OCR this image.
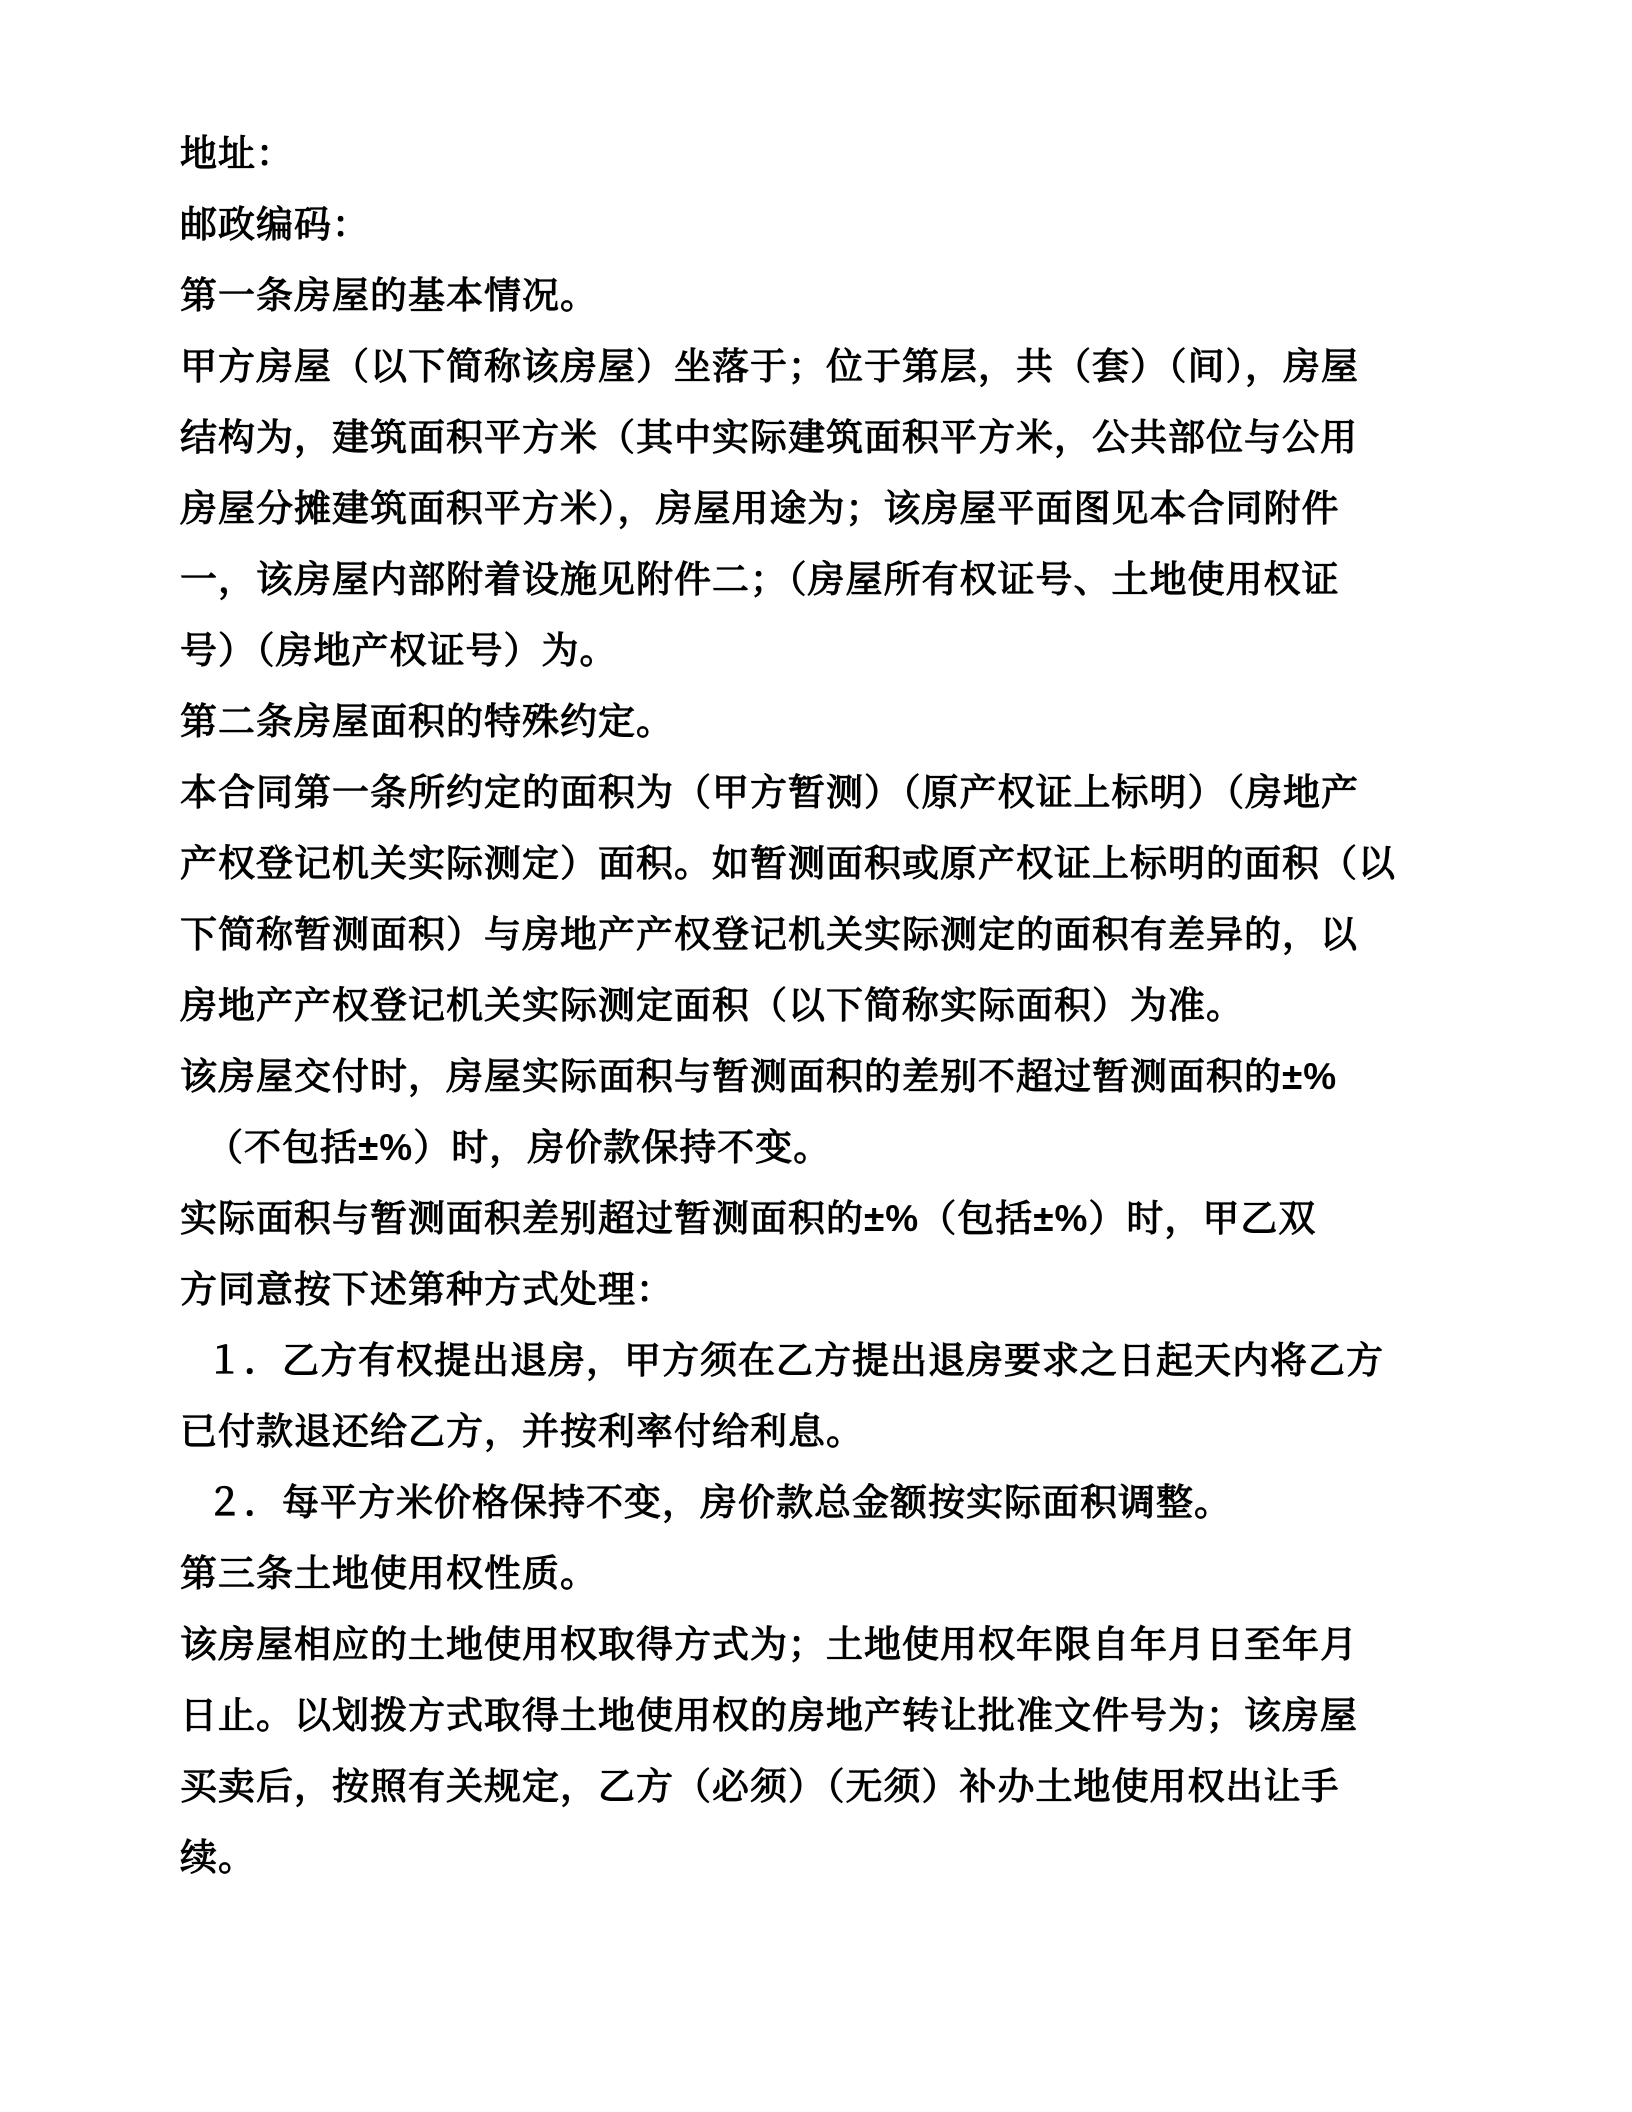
地址：
邮政编码：
第一条房屋的基本情况。
甲方房屋（以下简称该房屋）坐落于；位于第层，共（套）（间），房屋
结构为，建筑面积平方米（其中实际建筑面积平方米，公共部位与公用
房屋分摊建筑面积平方米），房屋用途为；该房屋平面图见本合同附件
一，该房屋内部附着设施见附件二；（房屋所有权证号、土地使用权证
号）（房地产权证号）为。
第二条房屋面积的特殊约定。
本合同第一条所约定的面积为（甲方暂测）（原产权证上标明）（房地产
产权登记机关实际测定）面积。如暂测面积或原产权证上标明的面积（以
下简称暂测面积）与房地产产权登记机关实际测定的面积有差异的，以
房地产产权登记机关实际测定面积（以下简称实际面积）为准。
该房屋交付时，房屋实际面积与暂测面积的差别不超过暂测面积的±%
（不包括±%）时，房价款保持不变。
实际面积与暂测面积差别超过暂测面积的±%（包括±%）时，甲乙双
方同意按下述第种方式处理：
１．乙方有权提出退房，甲方须在乙方提出退房要求之日起天内将乙方
已付款退还给乙方，并按利率付给利息。
２．每平方米价格保持不变，房价款总金额按实际面积调整。
第三条土地使用权性质。
该房屋相应的土地使用权取得方式为；土地使用权年限自年月日至年月
日止。以划拨方式取得土地使用权的房地产转让批准文件号为；该房屋
买卖后，按照有关规定，乙方（必须）（无须）补办土地使用权出让手
续。
